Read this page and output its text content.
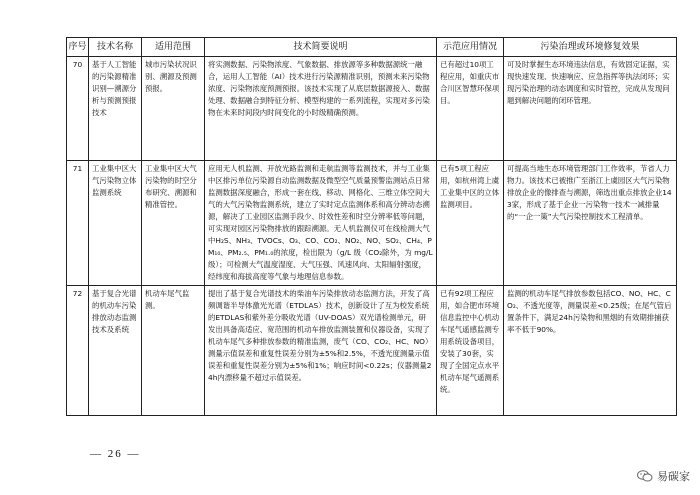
序号	技术名称	适用范围	技术简要说明	示范应用情况	污染治理或环境修复效果
70	基于人工智能的污染源精准识别—溯源分析与预测预报技术	城市污染状况识别、溯源及预测预报。	将实测数据、污染物浓度、气象数据、排放源等多种数据源统一融合，运用人工智能（AI）技术进行污染源精准识别，预测未来污染物浓度、污染物浓度预测预报。该技术实现了从底层数据源接入、数据处理、数据融合到特征分析、模型构建的一系列流程，实现对多污染物在未来时间段内时间变化的小时级精确预测。	已有超过10项工程应用，如重庆市合川区智慧环保项目。	可及时掌握生态环境违法信息，有效固定证据，实现快速发现、快速响应、应急指挥等执法闭环；实现污染治理的动态调度和实时管控，完成从发现问题到解决问题的闭环管理。
71	工业集中区大气污染物立体监测系统	工业集中区大气污染物的时空分布研究、溯源和精准管控。	应用无人机监测、开放光路监测和走航监测等监测技术，并与工业集中区排污单位污染源自动监测数据及微型空气质量预警监测站点日常监测数据深度融合，形成一套在线、移动、网格化、三维立体空间大气的大气污染物监测系统，建立了实时定点监测体系和高分辨动态溯源，解决了工业园区监测手段少、时效性差和时空分辨率低等问题，可实现对园区污染物排放的跟踪溯源。无人机监测仪可在线检测大气中H₂S、NH₃、TVOCs、O₃、CO、CO₂、NO₂、NO、SO₂、CH₄、PM₁₀、PM₂.₅、PM₁.₀的浓度，检出限为（g/L 级（CO₂除外，为 mg/L 级）；可检测大气温度湿度、大气压强、风速风向、太阳辐射强度，经纬度和海拔高度等气象与地理信息参数。	已有5项工程应用，如杭州湾上虞工业集中区的立体监测项目。	可提高当地生态环境管理部门工作效率，节省人力物力。该技术已被推广至浙江上虞园区大气污染物排放企业的像排查与溯源，筛选出重点排放企业143家，形成了基于企业一污染物一技术一减排量的“一企一策”大气污染控制技术工程清单。
72	基于复合光谱的机动车污染排放动态监测技术及系统	机动车尾气监测。	提出了基于复合光谱技术的柴油车污染排放动态监测方法，开发了高频调谐半导体激光光谱（ETDLAS）技术，创新设计了互为校发系统的ETDLAS和紫外差分吸收光谱（UV-DOAS）双光谱检测单元，研发出具备高适应、宽范围的机动车排放监测装置和仪器设备，实现了机动车尾气多种排放参数的精准监测，废气（CO、CO₂、HC、NO）测量示值误差和重复性误差分别为±5%和2.5%，不透光度测量示值误差和重复性误差分别为±5%和1%；响应时间<0.22s；仪器测量24h内漂移量不超过示值误差。	已有92项工程应用，如合肥市环境信息监控中心机动车尾气遥感监测专用系统设备项目，安装了30套，实现了全国定点水平机动车尾气遥测系统。	监测的机动车尾气排放参数包括CO、NO、HC、CO₂、不透光度等，测量误差<0.25级；在尾气管后置条件下，满足24h污染物和黑烟的有效期排捕获率不低于90%。
— 26 —
易碳家
